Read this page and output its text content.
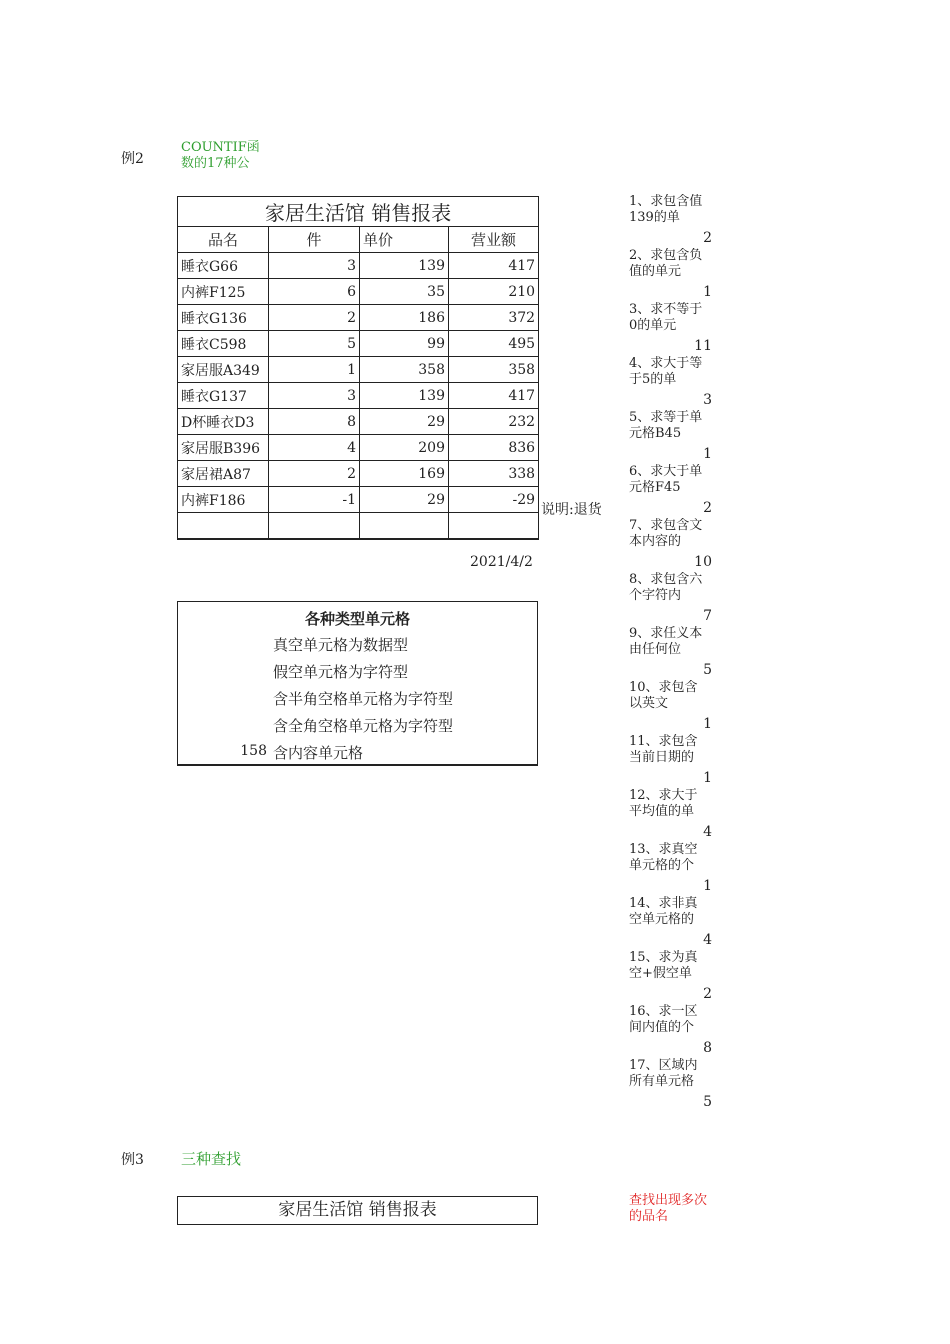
例2
COUNTIF函数的17种公
家居生活馆 销售报表			
品名	件	单价	营业额
睡衣G66	3	139	417
内裤F125	6	35	210
睡衣G136	2	186	372
睡衣C598	5	99	495
家居服A349	1	358	358
睡衣G137	3	139	417
D杯睡衣D3	8	29	232
家居服B396	4	209	836
家居裙A87	2	169	338
内裤F186	-1	29	-29

说明:退货
2021/4/2
各种类型单元格
真空单元格为数据型
假空单元格为字符型
含半角空格单元格为字符型
含全角空格单元格为字符型
含内容单元格
158
1、求包含值139的单
2
2、求包含负值的单元
1
3、求不等于0的单元
11
4、求大于等于5的单
3
5、求等于单元格B45
1
6、求大于单元格F45
2
7、求包含文本内容的
10
8、求包含六个字符内
7
9、求任义本由任何位
5
10、求包含以英文
1
11、求包含当前日期的
1
12、求大于平均值的单
4
13、求真空单元格的个
1
14、求非真空单元格的
4
15、求为真空+假空单
2
16、求一区间内值的个
8
17、区域内所有单元格
5
例3 三种查找
家居生活馆 销售报表	查找出现多次的品名
